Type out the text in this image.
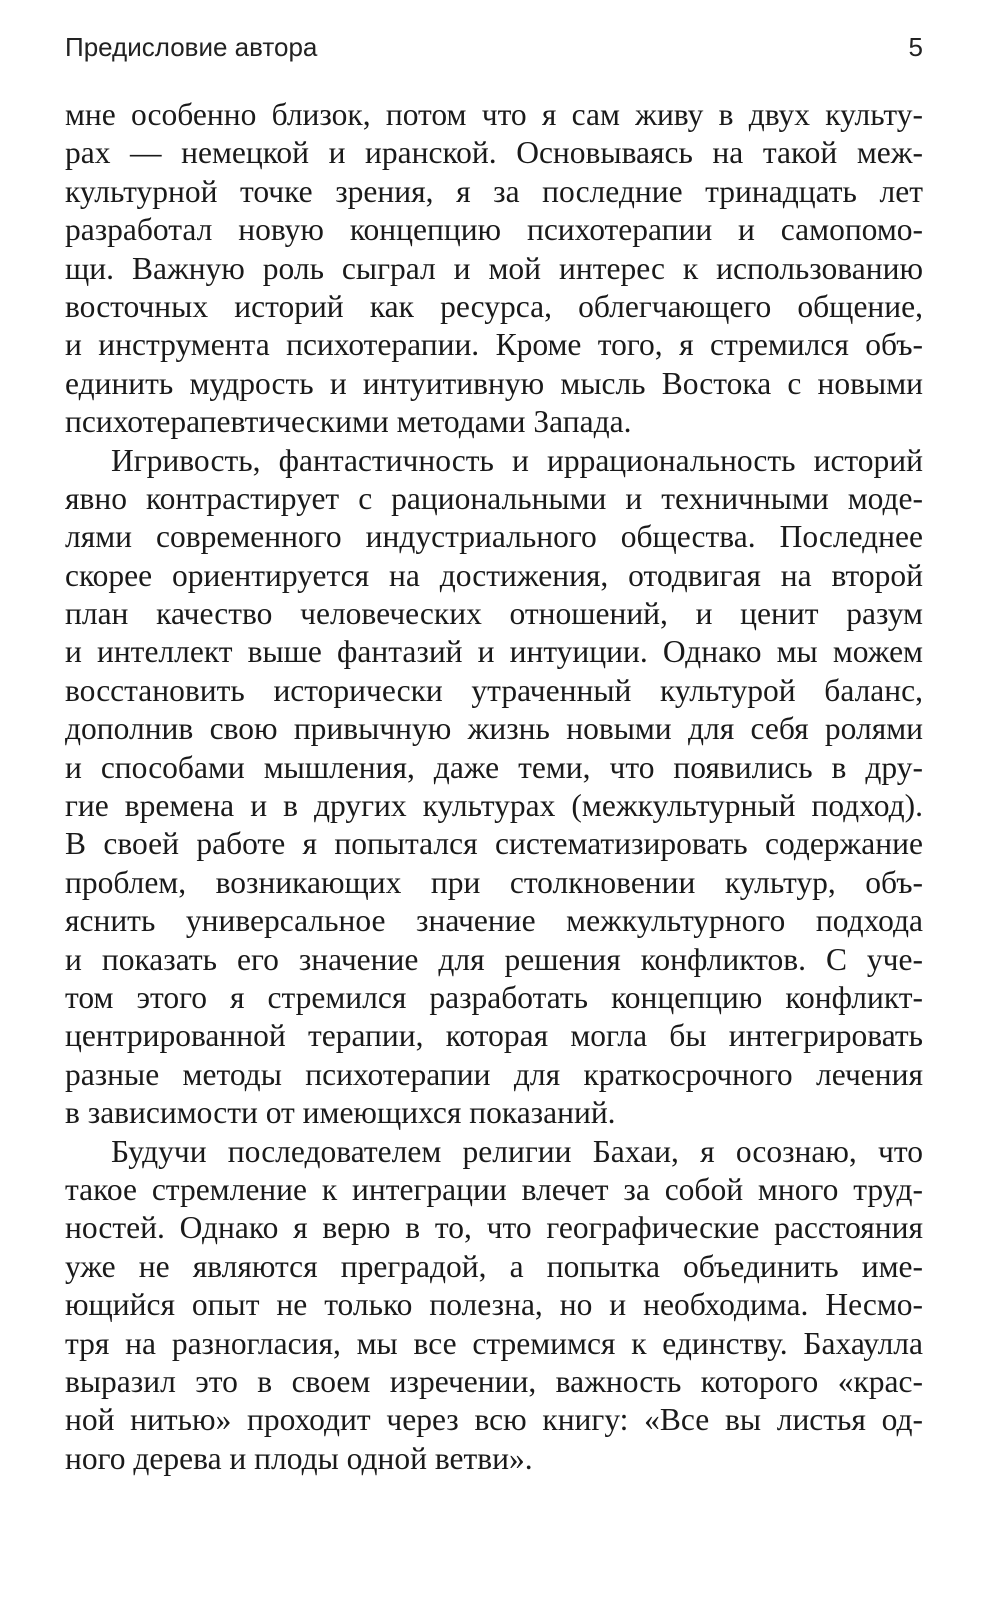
Предисловие автора	5
мне особенно близок, потом что я сам живу в двух культу-
рах — немецкой и иранской. Основываясь на такой меж-
культурной точке зрения, я за последние тринадцать лет
разработал новую концепцию психотерапии и самопомо-
щи. Важную роль сыграл и мой интерес к использованию
восточных историй как ресурса, облегчающего общение,
и инструмента психотерапии. Кроме того, я стремился объ-
единить мудрость и интуитивную мысль Востока с новыми
психотерапевтическими методами Запада.
Игривость, фантастичность и иррациональность историй
явно контрастирует с рациональными и техничными моде-
лями современного индустриального общества. Последнее
скорее ориентируется на достижения, отодвигая на второй
план качество человеческих отношений, и ценит разум
и интеллект выше фантазий и интуиции. Однако мы можем
восстановить исторически утраченный культурой баланс,
дополнив свою привычную жизнь новыми для себя ролями
и способами мышления, даже теми, что появились в дру-
гие времена и в других культурах (межкультурный подход).
В своей работе я попытался систематизировать содержание
проблем, возникающих при столкновении культур, объ-
яснить универсальное значение межкультурного подхода
и показать его значение для решения конфликтов. С уче-
том этого я стремился разработать концепцию конфликт-
центрированной терапии, которая могла бы интегрировать
разные методы психотерапии для краткосрочного лечения
в зависимости от имеющихся показаний.
Будучи последователем религии Бахаи, я осознаю, что
такое стремление к интеграции влечет за собой много труд-
ностей. Однако я верю в то, что географические расстояния
уже не являются преградой, а попытка объединить име-
ющийся опыт не только полезна, но и необходима. Несмо-
тря на разногласия, мы все стремимся к единству. Бахаулла
выразил это в своем изречении, важность которого «крас-
ной нитью» проходит через всю книгу: «Все вы листья од-
ного дерева и плоды одной ветви».
